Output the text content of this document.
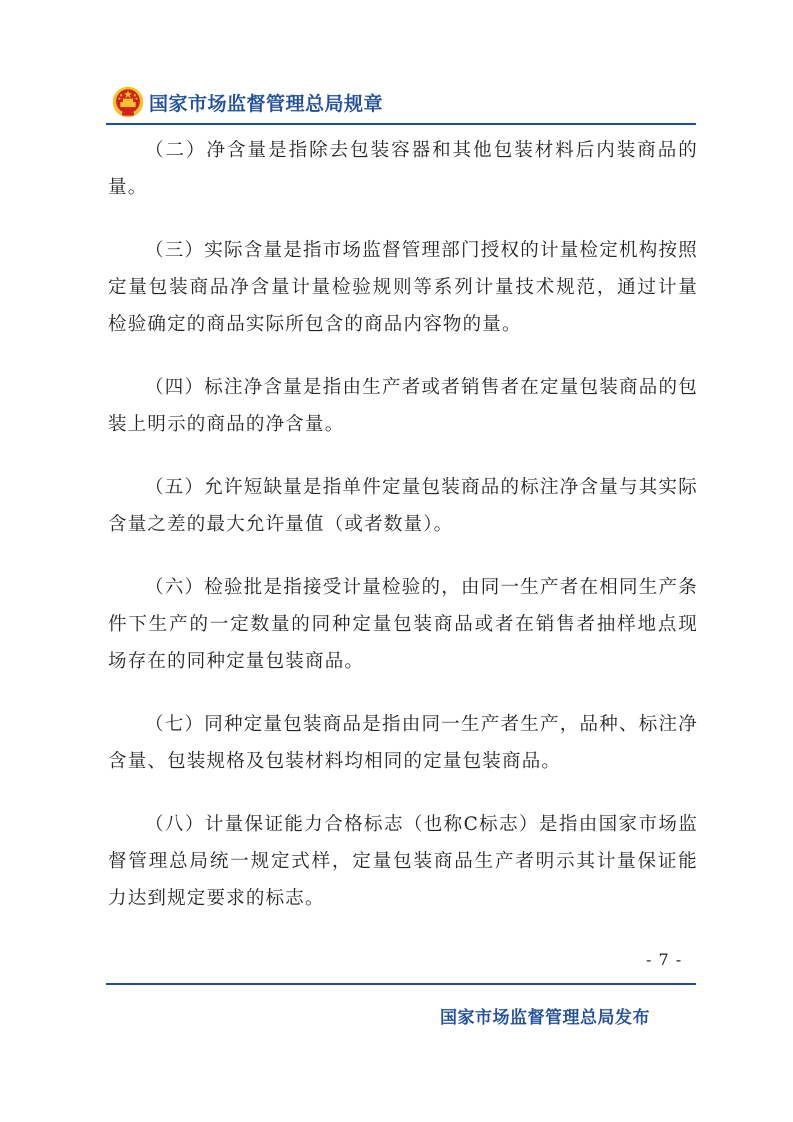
国家市场监督管理总局规章

（二）净含量是指除去包装容器和其他包装材料后内装商品的量。

（三）实际含量是指市场监督管理部门授权的计量检定机构按照定量包装商品净含量计量检验规则等系列计量技术规范，通过计量检验确定的商品实际所包含的商品内容物的量。

（四）标注净含量是指由生产者或者销售者在定量包装商品的包装上明示的商品的净含量。

（五）允许短缺量是指单件定量包装商品的标注净含量与其实际含量之差的最大允许量值（或者数量）。

（六）检验批是指接受计量检验的，由同一生产者在相同生产条件下生产的一定数量的同种定量包装商品或者在销售者抽样地点现场存在的同种定量包装商品。

（七）同种定量包装商品是指由同一生产者生产，品种、标注净含量、包装规格及包装材料均相同的定量包装商品。

（八）计量保证能力合格标志（也称C标志）是指由国家市场监督管理总局统一规定式样，定量包装商品生产者明示其计量保证能力达到规定要求的标志。

- 7 -
国家市场监督管理总局发布
